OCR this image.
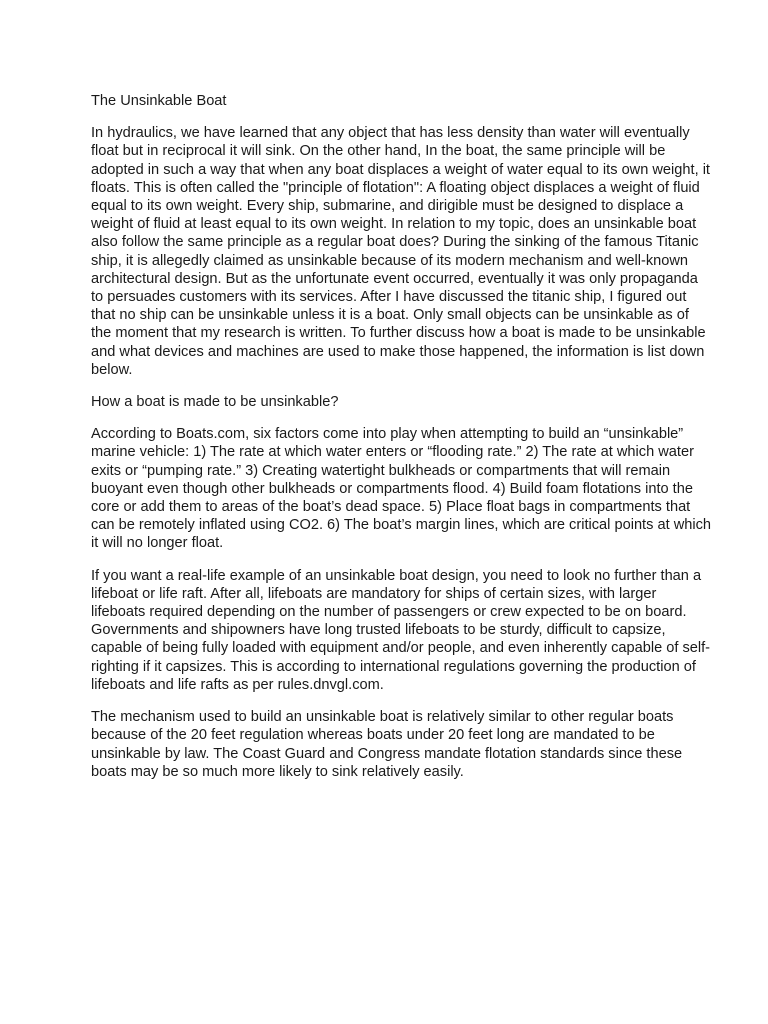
The Unsinkable Boat

In hydraulics, we have learned that any object that has less density than water will eventually float but in reciprocal it will sink. On the other hand, In the boat, the same principle will be adopted in such a way that when any boat displaces a weight of water equal to its own weight, it floats. This is often called the "principle of flotation": A floating object displaces a weight of fluid equal to its own weight. Every ship, submarine, and dirigible must be designed to displace a weight of fluid at least equal to its own weight. In relation to my topic, does an unsinkable boat also follow the same principle as a regular boat does? During the sinking of the famous Titanic ship, it is allegedly claimed as unsinkable because of its modern mechanism and well-known architectural design. But as the unfortunate event occurred, eventually it was only propaganda to persuades customers with its services. After I have discussed the titanic ship, I figured out that no ship can be unsinkable unless it is a boat. Only small objects can be unsinkable as of the moment that my research is written. To further discuss how a boat is made to be unsinkable and what devices and machines are used to make those happened, the information is list down below.

How a boat is made to be unsinkable?

According to Boats.com, six factors come into play when attempting to build an “unsinkable” marine vehicle: 1) The rate at which water enters or “flooding rate.” 2) The rate at which water exits or “pumping rate.” 3) Creating watertight bulkheads or compartments that will remain buoyant even though other bulkheads or compartments flood. 4) Build foam flotations into the core or add them to areas of the boat’s dead space. 5) Place float bags in compartments that can be remotely inflated using CO2. 6) The boat’s margin lines, which are critical points at which it will no longer float.

If you want a real-life example of an unsinkable boat design, you need to look no further than a lifeboat or life raft. After all, lifeboats are mandatory for ships of certain sizes, with larger lifeboats required depending on the number of passengers or crew expected to be on board. Governments and shipowners have long trusted lifeboats to be sturdy, difficult to capsize, capable of being fully loaded with equipment and/or people, and even inherently capable of self-righting if it capsizes. This is according to international regulations governing the production of lifeboats and life rafts as per rules.dnvgl.com.

The mechanism used to build an unsinkable boat is relatively similar to other regular boats because of the 20 feet regulation whereas boats under 20 feet long are mandated to be unsinkable by law. The Coast Guard and Congress mandate flotation standards since these boats may be so much more likely to sink relatively easily.
